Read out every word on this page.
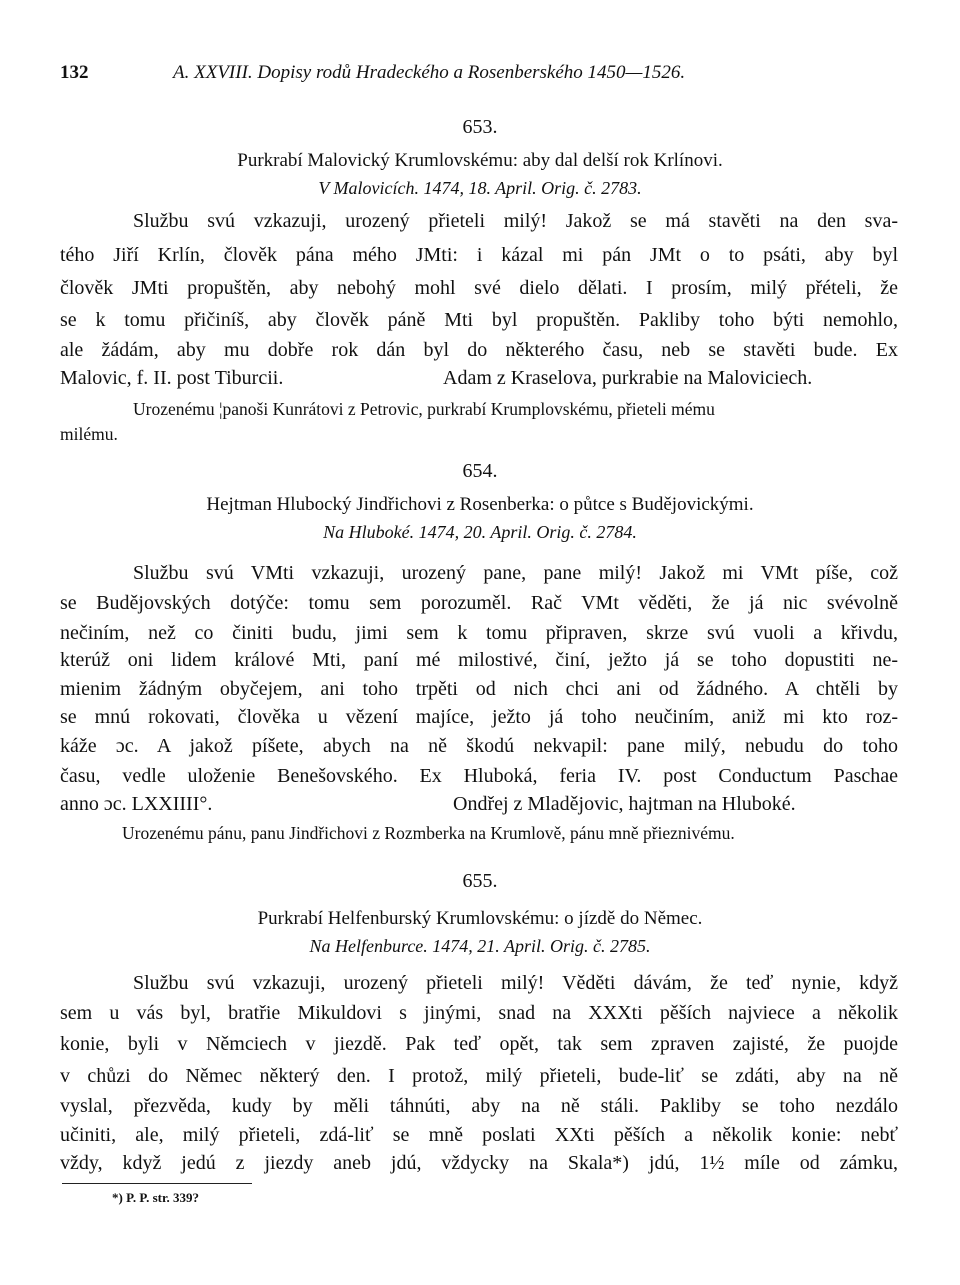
132	A. XXVIII. Dopisy rodů Hradeckého a Rosenberského 1450—1526.
653.
Purkrabí Malovický Krumlovskému: aby dal delší rok Krlínovi.
V Malovicích. 1474, 18. April. Orig. č. 2783.
Službu svú vzkazuji, urozený přieteli milý! Jakož se má stavěti na den sva-
tého Jiří Krlín, člověk pána mého JMti: i kázal mi pán JMt o to psáti, aby byl
člověk JMti propuštěn, aby nebohý mohl své dielo dělati. I prosím, milý přételi, že
se k tomu přičiníš, aby člověk páně Mti byl propuštěn. Pakliby toho býti nemohlo,
ale žádám, aby mu dobře rok dán byl do některého času, neb se stavěti bude. Ex
Malovic, f. II. post Tiburcii.	Adam z Kraselova, purkrabie na Maloviciech.
Urozenému ¦panoši Kunrátovi z Petrovic, purkrabí Krumplovskému, přieteli mému
milému.
654.
Hejtman Hlubocký Jindřichovi z Rosenberka: o půtce s Budějovickými.
Na Hluboké. 1474, 20. April. Orig. č. 2784.
Službu svú VMti vzkazuji, urozený pane, pane milý! Jakož mi VMt píše, což
se Budějovských dotýče: tomu sem porozuměl. Rač VMt věděti, že já nic svévolně
nečiním, než co činiti budu, jimi sem k tomu připraven, skrze svú vuoli a křivdu,
kterúž oni lidem králové Mti, paní mé milostivé, činí, ježto já se toho dopustiti ne-
mienim žádným obyčejem, ani toho trpěti od nich chci ani od žádného. A chtěli by
se mnú rokovati, člověka u vězení majíce, ježto já toho neučiním, aniž mi kto roz-
káže ɔc. A jakož píšete, abych na ně škodú nekvapil: pane milý, nebudu do toho
času, vedle uloženie Benešovského. Ex Hluboká, feria IV. post Conductum Paschae
anno ɔc. LXXIIII°.	Ondřej z Mladějovic, hajtman na Hluboké.
Urozenému pánu, panu Jindřichovi z Rozmberka na Krumlově, pánu mně přieznivému.
655.
Purkrabí Helfenburský Krumlovskému: o jízdě do Němec.
Na Helfenburce. 1474, 21. April. Orig. č. 2785.
Službu svú vzkazuji, urozený přieteli milý! Věděti dávám, že teď nynie, když
sem u vás byl, bratřie Mikuldovi s jinými, snad na XXXti pěších najviece a několik
konie, byli v Němciech v jiezdě. Pak teď opět, tak sem zpraven zajisté, že puojde
v chůzi do Němec některý den. I protož, milý přieteli, bude-liť se zdáti, aby na ně
vyslal, přezvěda, kudy by měli táhnúti, aby na ně stáli. Pakliby se toho nezdálo
učiniti, ale, milý přieteli, zdá-liť se mně poslati XXti pěších a několik konie: nebť
vždy, když jedú z jiezdy aneb jdú, vždycky na Skala*) jdú, 1½ míle od zámku,
*) P. P. str. 339?
